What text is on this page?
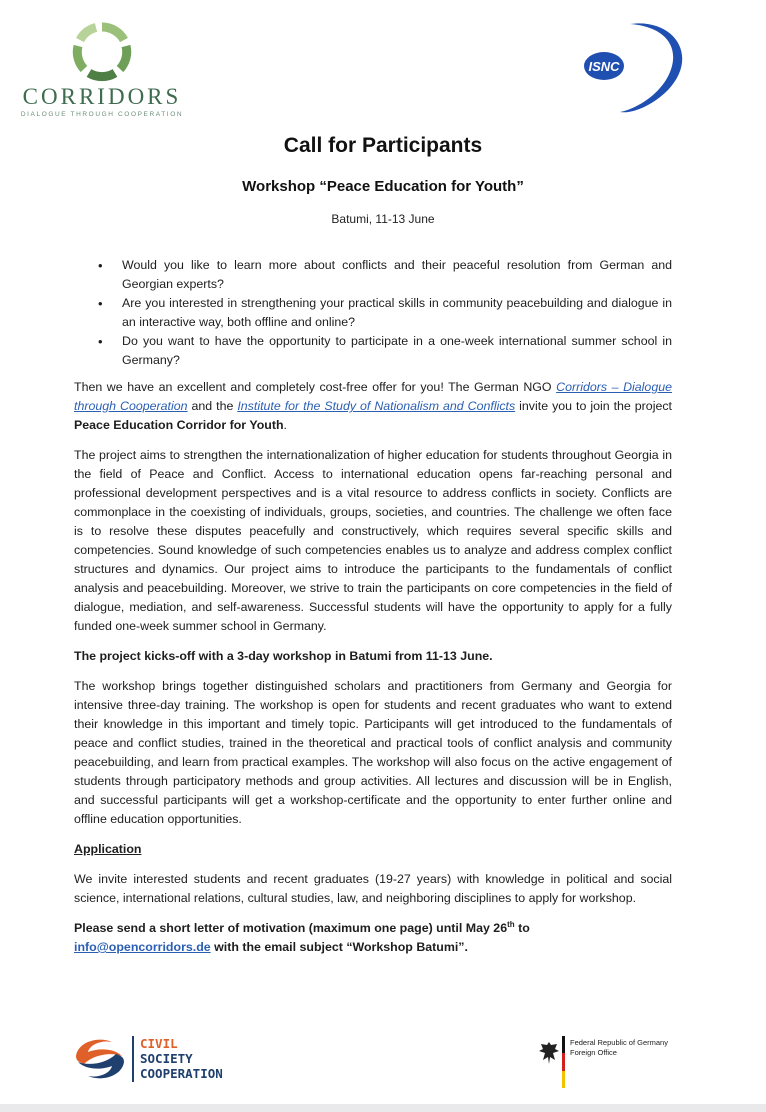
CORRIDORS
DIALOGUE THROUGH COOPERATION
ISNC
Call for Participants
Workshop “Peace Education for Youth”
Batumi, 11-13 June
• Would you like to learn more about conflicts and their peaceful resolution from German and Georgian experts?
• Are you interested in strengthening your practical skills in community peacebuilding and dialogue in an interactive way, both offline and online?
• Do you want to have the opportunity to participate in a one-week international summer school in Germany?

Then we have an excellent and completely cost-free offer for you! The German NGO Corridors – Dialogue through Cooperation and the Institute for the Study of Nationalism and Conflicts invite you to join the project Peace Education Corridor for Youth.

The project aims to strengthen the internationalization of higher education for students throughout Georgia in the field of Peace and Conflict. Access to international education opens far-reaching personal and professional development perspectives and is a vital resource to address conflicts in society. Conflicts are commonplace in the coexisting of individuals, groups, societies, and countries. The challenge we often face is to resolve these disputes peacefully and constructively, which requires several specific skills and competencies. Sound knowledge of such competencies enables us to analyze and address complex conflict structures and dynamics. Our project aims to introduce the participants to the fundamentals of conflict analysis and peacebuilding. Moreover, we strive to train the participants on core competencies in the field of dialogue, mediation, and self-awareness. Successful students will have the opportunity to apply for a fully funded one-week summer school in Germany.

The project kicks-off with a 3-day workshop in Batumi from 11-13 June.

The workshop brings together distinguished scholars and practitioners from Germany and Georgia for intensive three-day training. The workshop is open for students and recent graduates who want to extend their knowledge in this important and timely topic. Participants will get introduced to the fundamentals of peace and conflict studies, trained in the theoretical and practical tools of conflict analysis and community peacebuilding, and learn from practical examples. The workshop will also focus on the active engagement of students through participatory methods and group activities. All lectures and discussion will be in English, and successful participants will get a workshop-certificate and the opportunity to enter further online and offline education opportunities.

Application

We invite interested students and recent graduates (19-27 years) with knowledge in political and social science, international relations, cultural studies, law, and neighboring disciplines to apply for workshop.

Please send a short letter of motivation (maximum one page) until May 26th to
info@opencorridors.de with the email subject “Workshop Batumi”.

CIVIL
SOCIETY
COOPERATION
Federal Republic of Germany
Foreign Office
